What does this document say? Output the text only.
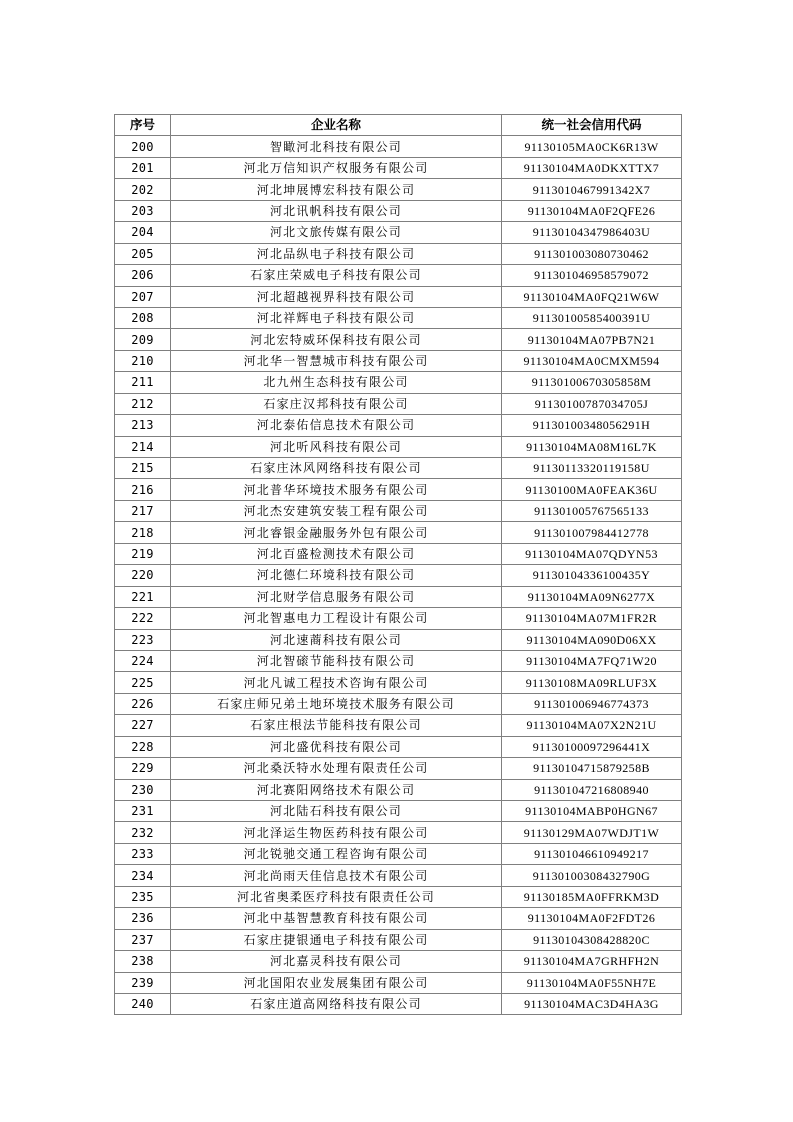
序号	企业名称	统一社会信用代码
200	智瞰河北科技有限公司	91130105MA0CK6R13W
201	河北万信知识产权服务有限公司	91130104MA0DKXTTX7
202	河北坤展博宏科技有限公司	9113010467991342X7
203	河北讯帆科技有限公司	91130104MA0F2QFE26
204	河北文旅传媒有限公司	91130104347986403U
205	河北品纵电子科技有限公司	911301003080730462
206	石家庄荣威电子科技有限公司	911301046958579072
207	河北超越视界科技有限公司	91130104MA0FQ21W6W
208	河北祥辉电子科技有限公司	91130100585400391U
209	河北宏特威环保科技有限公司	91130104MA07PB7N21
210	河北华一智慧城市科技有限公司	91130104MA0CMXM594
211	北九州生态科技有限公司	91130100670305858M
212	石家庄汉邦科技有限公司	91130100787034705J
213	河北泰佑信息技术有限公司	91130100348056291H
214	河北听风科技有限公司	91130104MA08M16L7K
215	石家庄沐风网络科技有限公司	91130113320119158U
216	河北普华环境技术服务有限公司	91130100MA0FEAK36U
217	河北杰安建筑安装工程有限公司	911301005767565133
218	河北睿银金融服务外包有限公司	911301007984412778
219	河北百盛检测技术有限公司	91130104MA07QDYN53
220	河北德仁环境科技有限公司	91130104336100435Y
221	河北财学信息服务有限公司	91130104MA09N6277X
222	河北智惠电力工程设计有限公司	91130104MA07M1FR2R
223	河北速蔏科技有限公司	91130104MA090D06XX
224	河北智磙节能科技有限公司	91130104MA7FQ71W20
225	河北凡诚工程技术咨询有限公司	91130108MA09RLUF3X
226	石家庄师兄弟土地环境技术服务有限公司	911301006946774373
227	石家庄根法节能科技有限公司	91130104MA07X2N21U
228	河北盛优科技有限公司	91130100097296441X
229	河北桑沃特水处理有限责任公司	91130104715879258B
230	河北赛阳网络技术有限公司	911301047216808940
231	河北陆石科技有限公司	91130104MABP0HGN67
232	河北泽运生物医药科技有限公司	91130129MA07WDJT1W
233	河北锐驰交通工程咨询有限公司	911301046610949217
234	河北尚雨天佳信息技术有限公司	91130100308432790G
235	河北省奥柔医疗科技有限责任公司	91130185MA0FFRKM3D
236	河北中基智慧教育科技有限公司	91130104MA0F2FDT26
237	石家庄捷银通电子科技有限公司	91130104308428820C
238	河北嘉灵科技有限公司	91130104MA7GRHFH2N
239	河北国阳农业发展集团有限公司	91130104MA0F55NH7E
240	石家庄道高网络科技有限公司	91130104MAC3D4HA3G
